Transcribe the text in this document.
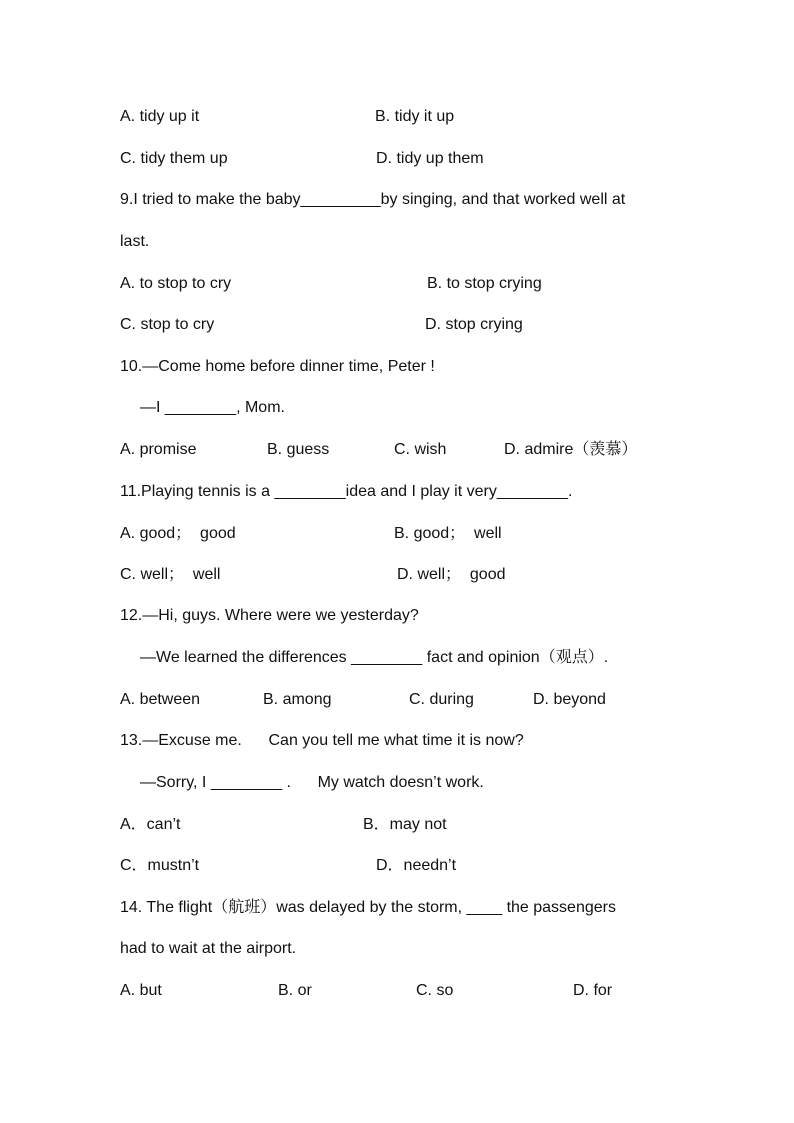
A. tidy up it	B. tidy it up
C. tidy them up	D. tidy up them
9.I tried to make the baby_________by singing, and that worked well at
last.
A. to stop to cry	B. to stop crying
C. stop to cry	D. stop crying
10.—Come home before dinner time, Peter !
—I ________, Mom.
A. promise	B. guess	C. wish	D. admire（羡慕）
11.Playing tennis is a ________idea and I play it very________.
A. good；  good	B. good；  well
C. well；  well	D. well；  good
12.—Hi, guys. Where were we yesterday?
—We learned the differences ________ fact and opinion（观点）.
A. between	B. among	C. during	D. beyond
13.—Excuse me.      Can you tell me what time it is now?
—Sorry, I ________ .      My watch doesn’t work.
A．can’t	B．may not
C．mustn’t	D．needn’t
14. The flight（航班）was delayed by the storm, ____ the passengers
had to wait at the airport.
A. but	B. or	C. so	D. for
